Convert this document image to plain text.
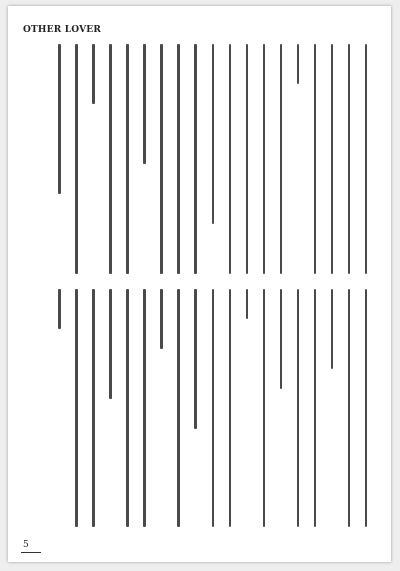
OTHER LOVER
5
